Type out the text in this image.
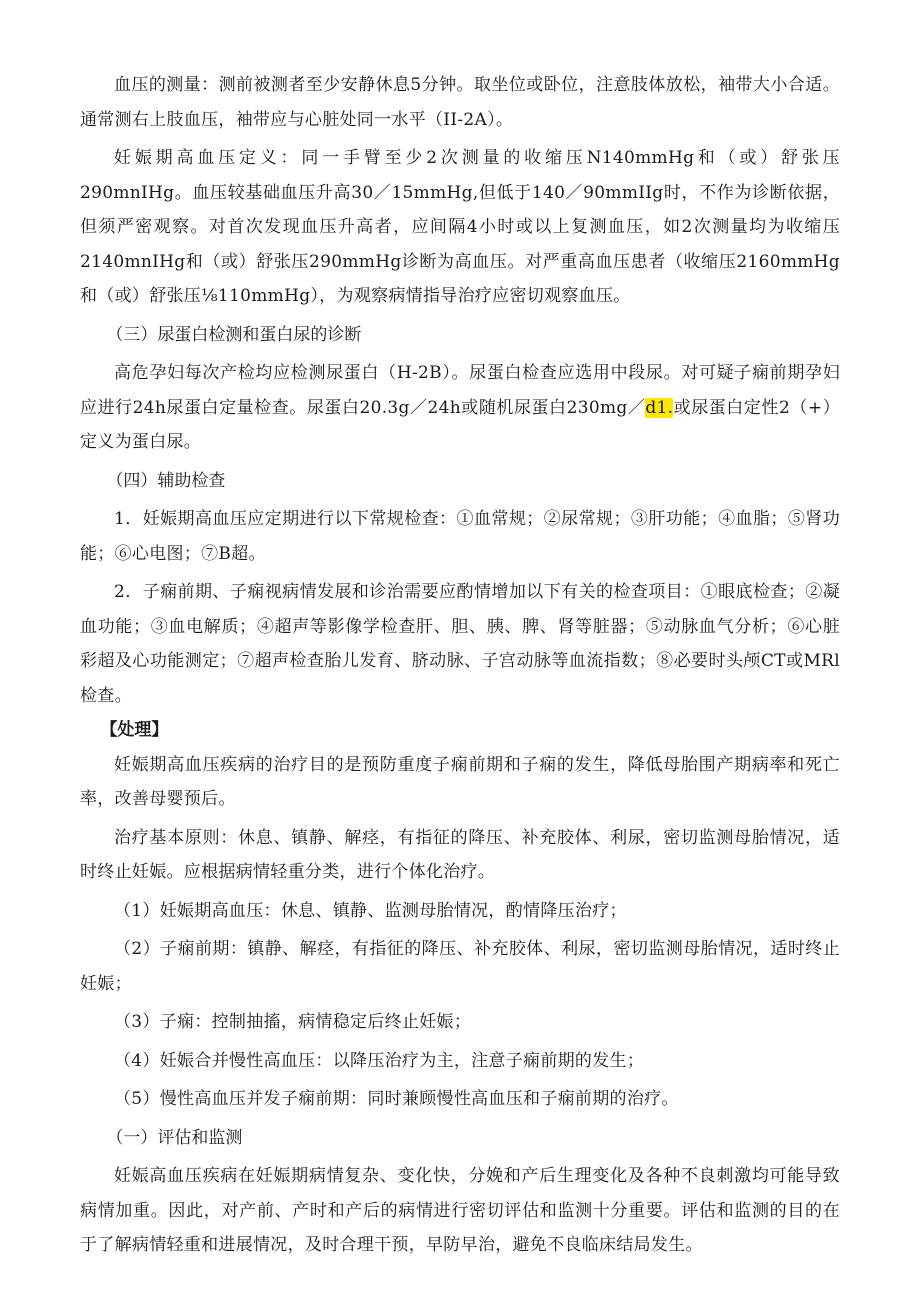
血压的测量：测前被测者至少安静休息5分钟。取坐位或卧位，注意肢体放松，袖带大小合适。通常测右上肢血压，袖带应与心脏处同一水平（II-2A）。

妊娠期高血压定义：同一手臂至少2次测量的收缩压N140mmHg和（或）舒张压290mnIHg。血压较基础血压升高30／15mmHg,但低于140／90mmIIg时，不作为诊断依据，但须严密观察。对首次发现血压升高者，应间隔4小时或以上复测血压，如2次测量均为收缩压2140mnIHg和（或）舒张压290mmHg诊断为高血压。对严重高血压患者（收缩压2160mmHg和（或）舒张压⅛110mmHg），为观察病情指导治疗应密切观察血压。

（三）尿蛋白检测和蛋白尿的诊断

高危孕妇每次产检均应检测尿蛋白（H-2B）。尿蛋白检查应选用中段尿。对可疑子痫前期孕妇应进行24h尿蛋白定量检查。尿蛋白20.3g／24h或随机尿蛋白230mg／d1.或尿蛋白定性2（+）定义为蛋白尿。

（四）辅助检查

1．妊娠期高血压应定期进行以下常规检查：①血常规；②尿常规；③肝功能；④血脂；⑤肾功能；⑥心电图；⑦B超。

2．子痫前期、子痫视病情发展和诊治需要应酌情增加以下有关的检查项目：①眼底检查；②凝血功能；③血电解质；④超声等影像学检查肝、胆、胰、脾、肾等脏器；⑤动脉血气分析；⑥心脏彩超及心功能测定；⑦超声检查胎儿发育、脐动脉、子宫动脉等血流指数；⑧必要时头颅CT或MRl检查。

【处理】

妊娠期高血压疾病的治疗目的是预防重度子痫前期和子痫的发生，降低母胎围产期病率和死亡率，改善母婴预后。

治疗基本原则：休息、镇静、解痉，有指征的降压、补充胶体、利尿，密切监测母胎情况，适时终止妊娠。应根据病情轻重分类，进行个体化治疗。

（1）妊娠期高血压：休息、镇静、监测母胎情况，酌情降压治疗；

（2）子痫前期：镇静、解痉，有指征的降压、补充胶体、利尿，密切监测母胎情况，适时终止妊娠；

（3）子痫：控制抽搐，病情稳定后终止妊娠；

（4）妊娠合并慢性高血压：以降压治疗为主，注意子痫前期的发生；

（5）慢性高血压并发子痫前期：同时兼顾慢性高血压和子痫前期的治疗。

（一）评估和监测

妊娠高血压疾病在妊娠期病情复杂、变化快，分娩和产后生理变化及各种不良刺激均可能导致病情加重。因此，对产前、产时和产后的病情进行密切评估和监测十分重要。评估和监测的目的在于了解病情轻重和进展情况，及时合理干预，早防早治，避免不良临床结局发生。
